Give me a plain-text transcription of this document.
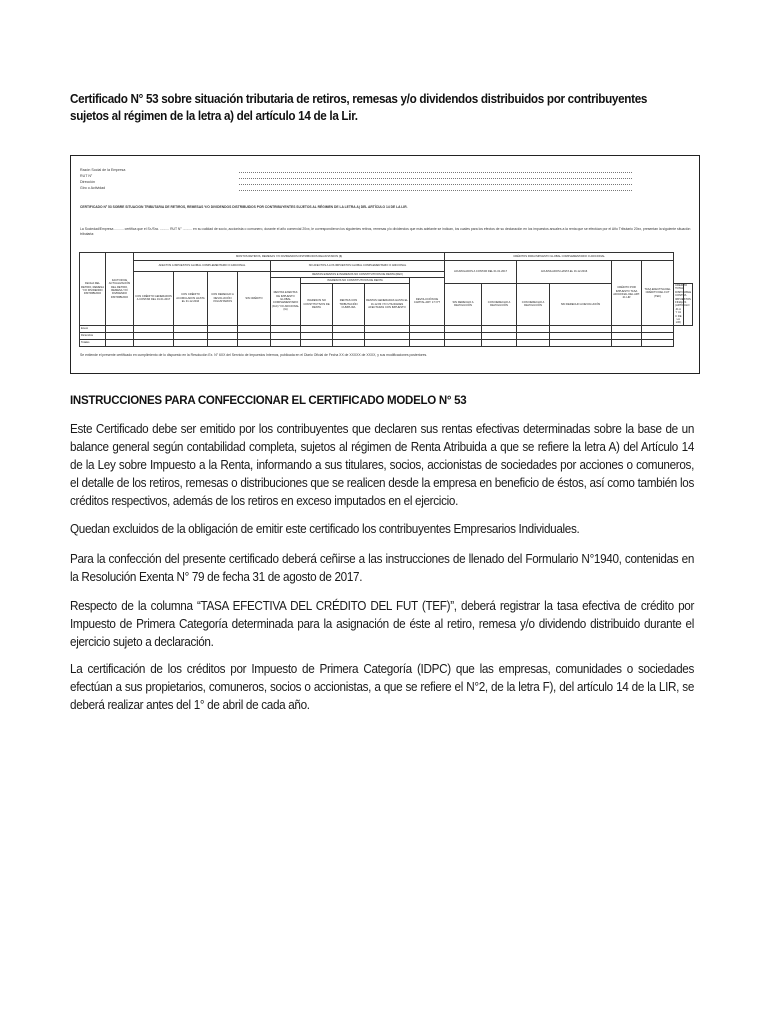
Certificado N° 53 sobre situación tributaria de retiros, remesas y/o dividendos distribuidos por contribuyentes sujetos al régimen de la letra a) del artículo 14 de la Lir.
Razón Social de la Empresa
RUT N°
Dirección
Giro o Actividad
CERTIFICADO N° 53 SOBRE SITUACION TRIBUTARIA DE RETIROS, REMESAS Y/O DIVIDENDOS DISTRIBUIDOS POR CONTRIBUYENTES SUJETOS AL RÉGIMEN DE LA LETRA A) DEL ARTÍCULO 14 DE LA LIR.
La Sociedad/Empresa .......... certifica que el Sr./Sra. .......... RUT N° .......... en su calidad de socio, accionista o comunero, durante el año comercial 20xx, le correspondieron los siguientes retiros, remesas y/o dividendos que más adelante se indican, los cuales para los efectos de su declaración en los impuestos anuales a la renta que se efectúan por el Año Tributario 20xx, presentan la siguiente situación tributaria:
FECHA DEL RETIRO, REMESA Y/O DIVIDENDO DISTRIBUIDO	FACTOR DE ACTUALIZACIÓN DEL RETIRO, REMESA Y/O DIVIDENDO DISTRIBUIDO	MONTOS RETIROS, REMESAS Y/O DIVIDENDOS DISTRIBUIDOS REAJUSTADOS ($)									CRÉDITOS PARA IMPUESTO GLOBAL COMPLEMENTARIO O ADICIONAL							
		AFECTOS A IMPUESTOS GLOBAL COMPLEMENTARIO O ADICIONAL				NO AFECTOS A LOS IMPUESTOS GLOBAL COMPLEMENTARIO O ADICIONAL					ACUMULADOS A CONTAR DEL 01.01.2017		ACUMULADOS HASTA EL 31.12.2016		CRÉDITO POR IMPUESTO TASA ADICIONAL DEL ART. 21 LIR	TASA EFECTIVA DEL CRÉDITO DEL FUT (TEF)		
		CON CRÉDITO GENERADOS A CONTAR DEL 01.01.2017	CON CRÉDITO ACUMULADOS HASTA EL 31.12.2016	CON DERECHO A DEVOLUCIÓN VOLUNTARIOS	SIN CRÉDITO	RENTAS EXENTAS E INGRESOS NO CONSTITUTIVOS DE RENTA (REX)												
						RENTAS EXENTAS DE IMPUESTO GLOBAL COMPLEMENTARIO (IGC) Y/O ADICIONAL (IA)	INGRESOS NO CONSTITUTIVOS DE RENTA			DEVOLUCIÓN DE CAPITAL ART. 17 N°7								
							INGRESOS NO CONSTITUTIVOS DE RENTA	RENTAS CON TRIBUTACIÓN CUMPLIDA	RENTAS GENERADAS HASTA EL 31.12.83 Y/O UTILIDADES AFECTADAS CON IMPUESTO		SIN DERECHO A DEVOLUCIÓN	CON DERECHO A DEVOLUCIÓN	CON DERECHO A DEVOLUCIÓN	SIN DERECHO A DEVOLUCIÓN			CRÉDITO TOTAL DISPONIBLE CONTRA IMPUESTOS FINALES (ARTÍCULO 41 A Y 41 C DE LA LIR)	
Enero																		
Diciembre																		
Totales																		
Se extiende el presente certificado en cumplimiento de lo dispuesto en la Resolución Ex. N° 6XX del Servicio de Impuestos Internos, publicada en el Diario Oficial de Fecha XX de XXXXX de XXXX, y sus modificaciones posteriores.
INSTRUCCIONES PARA CONFECCIONAR EL CERTIFICADO MODELO N° 53
Este Certificado debe ser emitido por los contribuyentes que declaren sus rentas efectivas determinadas sobre la base de un balance general según contabilidad completa, sujetos al régimen de Renta Atribuida a que se refiere la letra A) del Artículo 14 de la Ley sobre Impuesto a la Renta, informando a sus titulares, socios, accionistas de sociedades por acciones o comuneros, el detalle de los retiros, remesas o distribuciones que se realicen desde la empresa en beneficio de éstos, así como también los créditos respectivos, además de los retiros en exceso imputados en el ejercicio.
Quedan excluidos de la obligación de emitir este certificado los contribuyentes Empresarios Individuales.
Para la confección del presente certificado deberá ceñirse a las instrucciones de llenado del Formulario N°1940, contenidas en la Resolución Exenta N° 79 de fecha 31 de agosto de 2017.
Respecto de la columna “TASA EFECTIVA DEL CRÉDITO DEL FUT (TEF)”, deberá registrar la tasa efectiva de crédito por Impuesto de Primera Categoría determinada para la asignación de éste al retiro, remesa y/o dividendo distribuido durante el ejercicio sujeto a declaración.
La certificación de los créditos por Impuesto de Primera Categoría (IDPC) que las empresas, comunidades o sociedades efectúan a sus propietarios, comuneros, socios o accionistas, a que se refiere el N°2, de la letra F), del artículo 14 de la LIR, se deberá realizar antes del 1° de abril de cada año.
